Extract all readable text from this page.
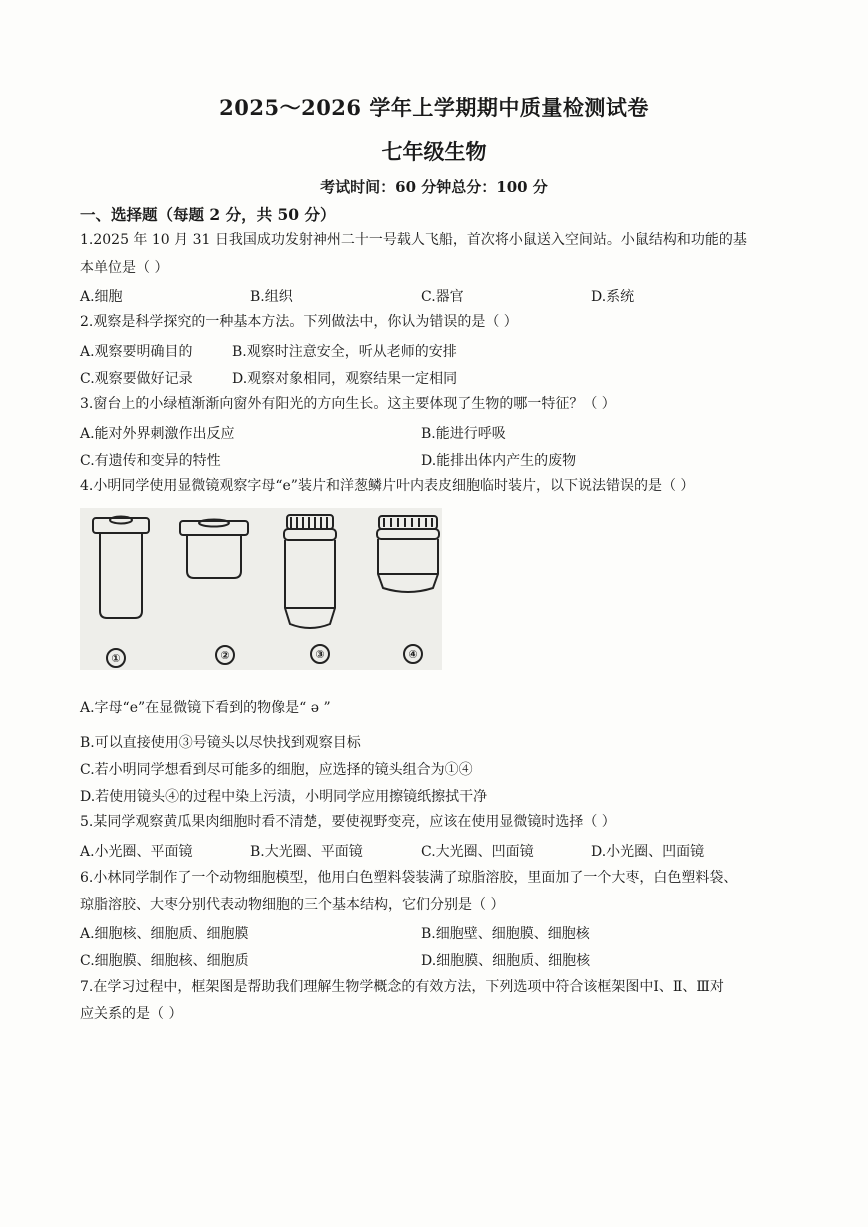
2025～2026 学年上学期期中质量检测试卷
七年级生物
考试时间：60 分钟总分：100 分
一、选择题（每题 2 分，共 50 分）
1.2025 年 10 月 31 日我国成功发射神州二十一号载人飞船，首次将小鼠送入空间站。小鼠结构和功能的基
本单位是（ ）
A.细胞	B.组织	C.器官	D.系统
2.观察是科学探究的一种基本方法。下列做法中，你认为错误的是（ ）
A.观察要明确目的	B.观察时注意安全，听从老师的安排
C.观察要做好记录	D.观察对象相同，观察结果一定相同
3.窗台上的小绿植渐渐向窗外有阳光的方向生长。这主要体现了生物的哪一特征？（ ）
A.能对外界刺激作出反应	B.能进行呼吸
C.有遗传和变异的特性	D.能排出体内产生的废物
4.小明同学使用显微镜观察字母“e”装片和洋葱鳞片叶内表皮细胞临时装片，以下说法错误的是（ ）
①	②	③	④
A.字母“e”在显微镜下看到的物像是“ ə ”
B.可以直接使用③号镜头以尽快找到观察目标
C.若小明同学想看到尽可能多的细胞，应选择的镜头组合为①④
D.若使用镜头④的过程中染上污渍，小明同学应用擦镜纸擦拭干净
5.某同学观察黄瓜果肉细胞时看不清楚，要使视野变亮，应该在使用显微镜时选择（ ）
A.小光圈、平面镜	B.大光圈、平面镜	C.大光圈、凹面镜	D.小光圈、凹面镜
6.小林同学制作了一个动物细胞模型，他用白色塑料袋装满了琼脂溶胶，里面加了一个大枣，白色塑料袋、
琼脂溶胶、大枣分别代表动物细胞的三个基本结构，它们分别是（ ）
A.细胞核、细胞质、细胞膜	B.细胞壁、细胞膜、细胞核
C.细胞膜、细胞核、细胞质	D.细胞膜、细胞质、细胞核
7.在学习过程中，框架图是帮助我们理解生物学概念的有效方法，下列选项中符合该框架图中Ⅰ、Ⅱ、Ⅲ对
应关系的是（ ）
